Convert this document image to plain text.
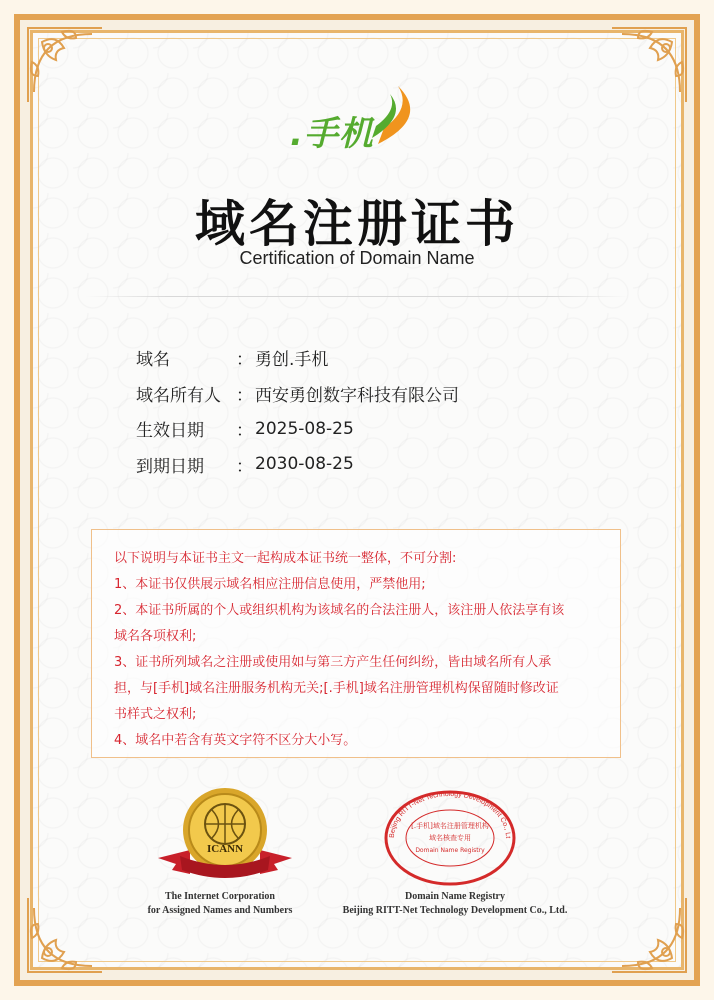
.手机
域名注册证书
Certification of Domain Name
域名	： 勇创.手机
域名所有人 ： 西安勇创数字科技有限公司
生效日期	： 2025-08-25
到期日期	： 2030-08-25

以下说明与本证书主文一起构成本证书统一整体，不可分割:

1、本证书仅供展示域名相应注册信息使用，严禁他用;

2、本证书所属的个人或组织机构为该域名的合法注册人，该注册人依法享有该

域名各项权利;

3、证书所列域名之注册或使用如与第三方产生任何纠纷，皆由域名所有人承

担，与[手机]域名注册服务机构无关;[.手机]域名注册管理机构保留随时修改证

书样式之权利;

4、域名中若含有英文字符不区分大小写。

ICANN
The Internet Corporation
for Assigned Names and Numbers
Beijing RITT-Net Technology Development Co., Lt
[.手机]域名注册管理机构
域名核查专用
Domain Name Registry
Domain Name Registry
Beijing RITT-Net Technology Development Co., Ltd.
